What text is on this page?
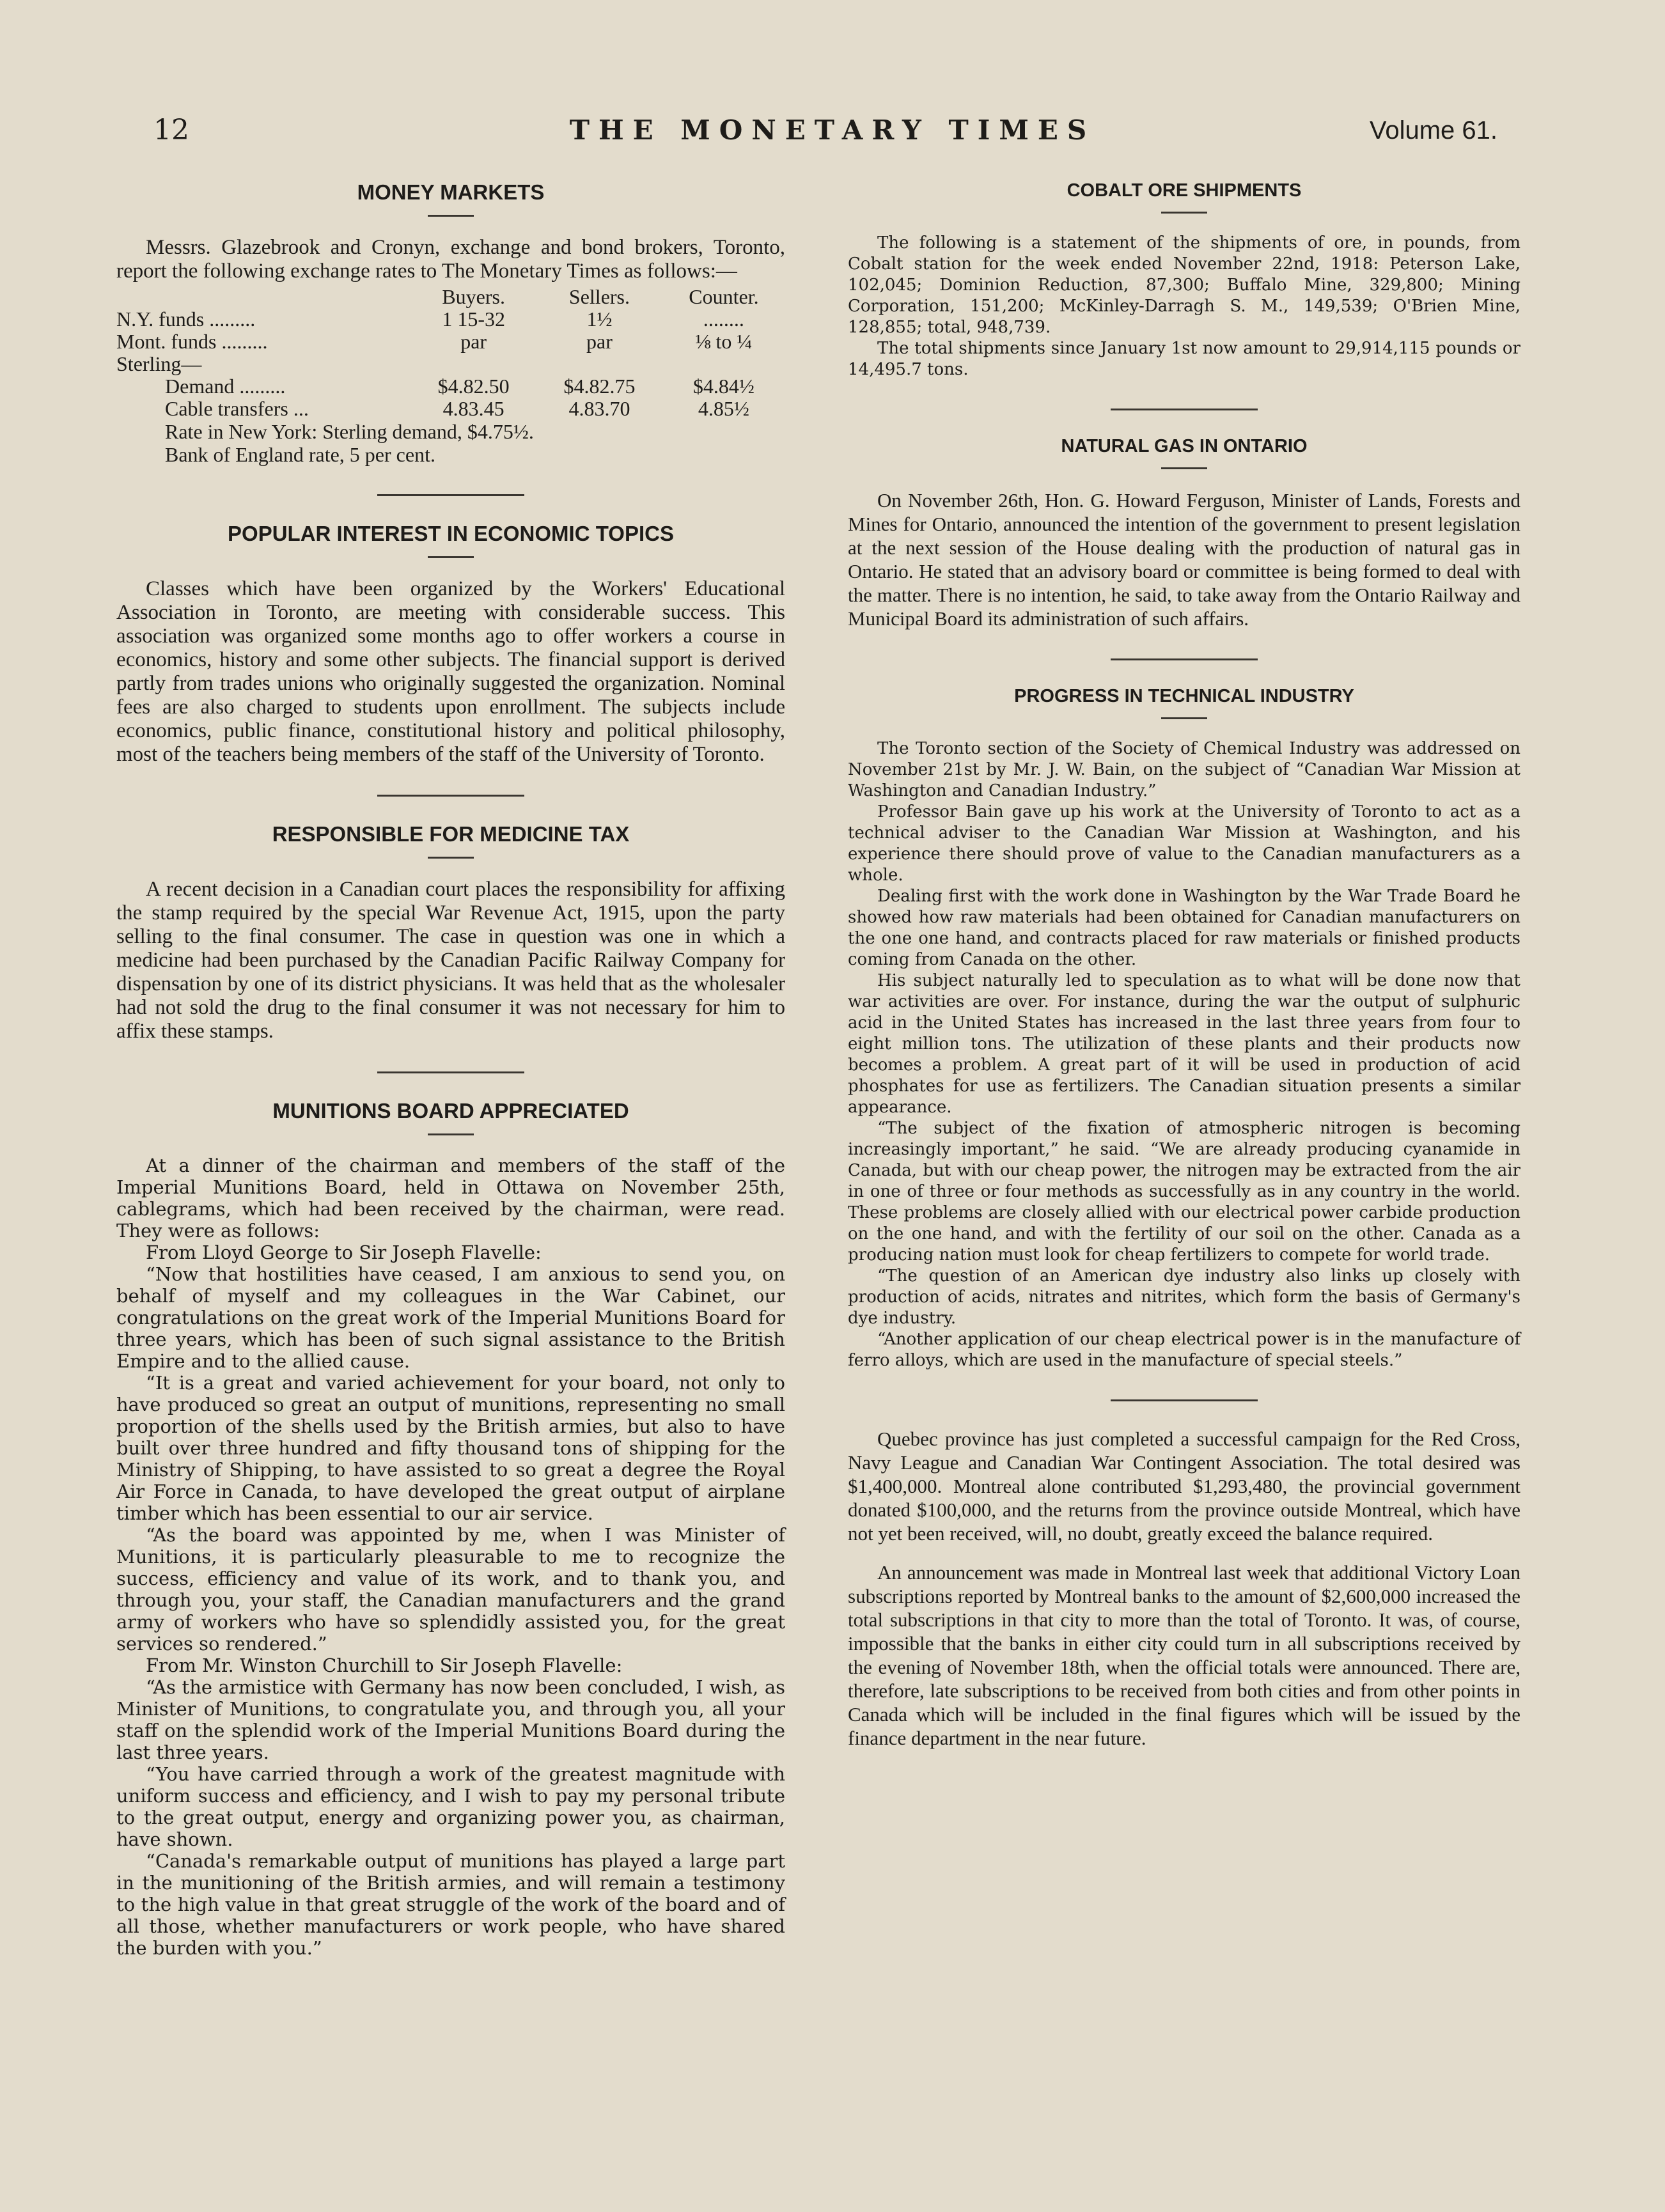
12	THE MONETARY TIMES	Volume 61.
MONEY MARKETS

Messrs. Glazebrook and Cronyn, exchange and bond brokers, Toronto, report the following exchange rates to The Monetary Times as follows:—

	Buyers.	Sellers.	Counter.
N.Y. funds .........	1 15-32	1½	........
Mont. funds .........	par	par	⅛ to ¼
Sterling—			
Demand .........	$4.82.50	$4.82.75	$4.84½
Cable transfers ...	4.83.45	4.83.70	4.85½
Rate in New York: Sterling demand, $4.75½.
Bank of England rate, 5 per cent.
POPULAR INTEREST IN ECONOMIC TOPICS

Classes which have been organized by the Workers' Educational Association in Toronto, are meeting with considerable success. This association was organized some months ago to offer workers a course in economics, history and some other subjects. The financial support is derived partly from trades unions who originally suggested the organization. Nominal fees are also charged to students upon enrollment. The subjects include economics, public finance, constitutional history and political philosophy, most of the teachers being members of the staff of the University of Toronto.

RESPONSIBLE FOR MEDICINE TAX

A recent decision in a Canadian court places the responsibility for affixing the stamp required by the special War Revenue Act, 1915, upon the party selling to the final consumer. The case in question was one in which a medicine had been purchased by the Canadian Pacific Railway Company for dispensation by one of its district physicians. It was held that as the wholesaler had not sold the drug to the final consumer it was not necessary for him to affix these stamps.

MUNITIONS BOARD APPRECIATED

At a dinner of the chairman and members of the staff of the Imperial Munitions Board, held in Ottawa on November 25th, cablegrams, which had been received by the chairman, were read. They were as follows:

From Lloyd George to Sir Joseph Flavelle:

“Now that hostilities have ceased, I am anxious to send you, on behalf of myself and my colleagues in the War Cabinet, our congratulations on the great work of the Imperial Munitions Board for three years, which has been of such signal assistance to the British Empire and to the allied cause.

“It is a great and varied achievement for your board, not only to have produced so great an output of munitions, representing no small proportion of the shells used by the British armies, but also to have built over three hundred and fifty thousand tons of shipping for the Ministry of Shipping, to have assisted to so great a degree the Royal Air Force in Canada, to have developed the great output of airplane timber which has been essential to our air service.

“As the board was appointed by me, when I was Minister of Munitions, it is particularly pleasurable to me to recognize the success, efficiency and value of its work, and to thank you, and through you, your staff, the Canadian manufacturers and the grand army of workers who have so splendidly assisted you, for the great services so rendered.”

From Mr. Winston Churchill to Sir Joseph Flavelle:

“As the armistice with Germany has now been concluded, I wish, as Minister of Munitions, to congratulate you, and through you, all your staff on the splendid work of the Imperial Munitions Board during the last three years.

“You have carried through a work of the greatest magnitude with uniform success and efficiency, and I wish to pay my personal tribute to the great output, energy and organizing power you, as chairman, have shown.

“Canada's remarkable output of munitions has played a large part in the munitioning of the British armies, and will remain a testimony to the high value in that great struggle of the work of the board and of all those, whether manufacturers or work people, who have shared the burden with you.”

COBALT ORE SHIPMENTS

The following is a statement of the shipments of ore, in pounds, from Cobalt station for the week ended November 22nd, 1918: Peterson Lake, 102,045; Dominion Reduction, 87,300; Buffalo Mine, 329,800; Mining Corporation, 151,200; McKinley-Darragh S. M., 149,539; O'Brien Mine, 128,855; total, 948,739.

The total shipments since January 1st now amount to 29,914,115 pounds or 14,495.7 tons.

NATURAL GAS IN ONTARIO

On November 26th, Hon. G. Howard Ferguson, Minister of Lands, Forests and Mines for Ontario, announced the intention of the government to present legislation at the next session of the House dealing with the production of natural gas in Ontario. He stated that an advisory board or committee is being formed to deal with the matter. There is no intention, he said, to take away from the Ontario Railway and Municipal Board its administration of such affairs.

PROGRESS IN TECHNICAL INDUSTRY

The Toronto section of the Society of Chemical Industry was addressed on November 21st by Mr. J. W. Bain, on the subject of “Canadian War Mission at Washington and Canadian Industry.”

Professor Bain gave up his work at the University of Toronto to act as a technical adviser to the Canadian War Mission at Washington, and his experience there should prove of value to the Canadian manufacturers as a whole.

Dealing first with the work done in Washington by the War Trade Board he showed how raw materials had been obtained for Canadian manufacturers on the one one hand, and contracts placed for raw materials or finished products coming from Canada on the other.

His subject naturally led to speculation as to what will be done now that war activities are over. For instance, during the war the output of sulphuric acid in the United States has increased in the last three years from four to eight million tons. The utilization of these plants and their products now becomes a problem. A great part of it will be used in production of acid phosphates for use as fertilizers. The Canadian situation presents a similar appearance.

“The subject of the fixation of atmospheric nitrogen is becoming increasingly important,” he said. “We are already producing cyanamide in Canada, but with our cheap power, the nitrogen may be extracted from the air in one of three or four methods as successfully as in any country in the world. These problems are closely allied with our electrical power carbide production on the one hand, and with the fertility of our soil on the other. Canada as a producing nation must look for cheap fertilizers to compete for world trade.

“The question of an American dye industry also links up closely with production of acids, nitrates and nitrites, which form the basis of Germany's dye industry.

“Another application of our cheap electrical power is in the manufacture of ferro alloys, which are used in the manufacture of special steels.”

Quebec province has just completed a successful campaign for the Red Cross, Navy League and Canadian War Contingent Association. The total desired was $1,400,000. Montreal alone contributed $1,293,480, the provincial government donated $100,000, and the returns from the province outside Montreal, which have not yet been received, will, no doubt, greatly exceed the balance required.

An announcement was made in Montreal last week that additional Victory Loan subscriptions reported by Montreal banks to the amount of $2,600,000 increased the total subscriptions in that city to more than the total of Toronto. It was, of course, impossible that the banks in either city could turn in all subscriptions received by the evening of November 18th, when the official totals were announced. There are, therefore, late subscriptions to be received from both cities and from other points in Canada which will be included in the final figures which will be issued by the finance department in the near future.
